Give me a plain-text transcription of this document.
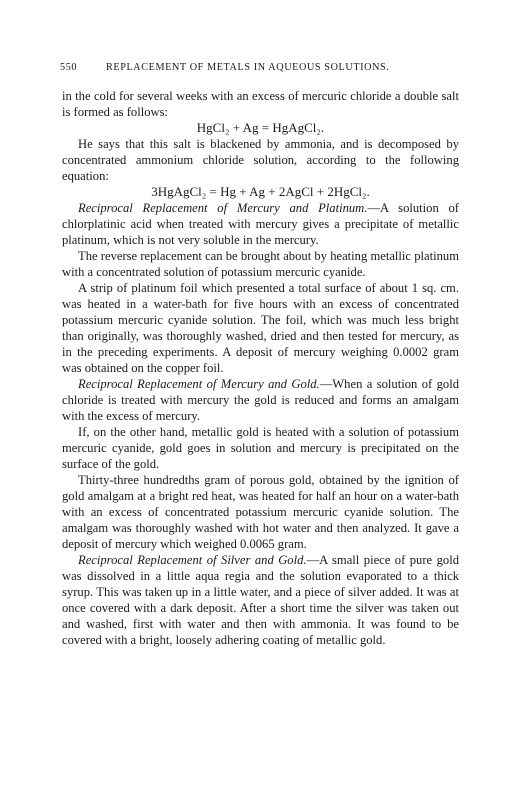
550	REPLACEMENT OF METALS IN AQUEOUS SOLUTIONS.

in the cold for several weeks with an excess of mercuric chloride a double salt is formed as follows:

HgCl₂ + Ag = HgAgCl₂.

He says that this salt is blackened by ammonia, and is decomposed by concentrated ammonium chloride solution, according to the following equation:

3HgAgCl₂ = Hg + Ag + 2AgCl + 2HgCl₂.

Reciprocal Replacement of Mercury and Platinum.—A solution of chlorplatinic acid when treated with mercury gives a precipitate of metallic platinum, which is not very soluble in the mercury.

The reverse replacement can be brought about by heating metallic platinum with a concentrated solution of potassium mercuric cyanide.

A strip of platinum foil which presented a total surface of about 1 sq. cm. was heated in a water-bath for five hours with an excess of concentrated potassium mercuric cyanide solution. The foil, which was much less bright than originally, was thoroughly washed, dried and then tested for mercury, as in the preceding experiments. A deposit of mercury weighing 0.0002 gram was obtained on the copper foil.

Reciprocal Replacement of Mercury and Gold.—When a solution of gold chloride is treated with mercury the gold is reduced and forms an amalgam with the excess of mercury.

If, on the other hand, metallic gold is heated with a solution of potassium mercuric cyanide, gold goes in solution and mercury is precipitated on the surface of the gold.

Thirty-three hundredths gram of porous gold, obtained by the ignition of gold amalgam at a bright red heat, was heated for half an hour on a water-bath with an excess of concentrated potassium mercuric cyanide solution. The amalgam was thoroughly washed with hot water and then analyzed. It gave a deposit of mercury which weighed 0.0065 gram.

Reciprocal Replacement of Silver and Gold.—A small piece of pure gold was dissolved in a little aqua regia and the solution evaporated to a thick syrup. This was taken up in a little water, and a piece of silver added. It was at once covered with a dark deposit. After a short time the silver was taken out and washed, first with water and then with ammonia. It was found to be covered with a bright, loosely adhering coating of metallic gold.
